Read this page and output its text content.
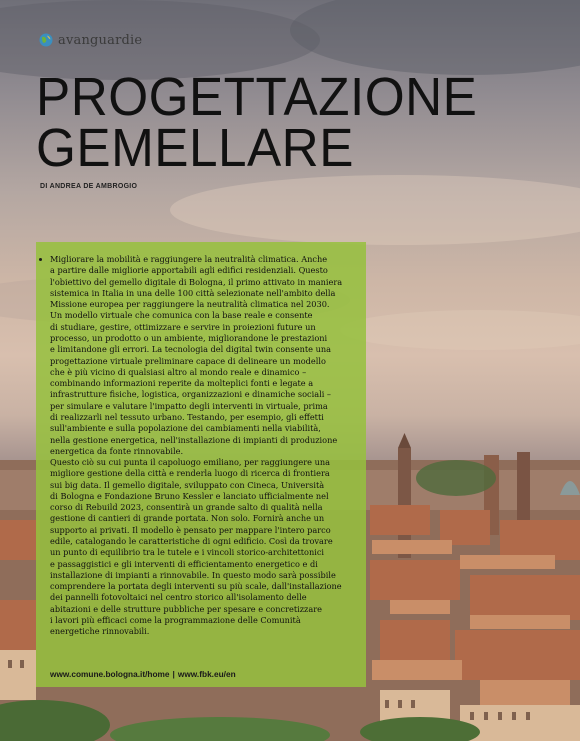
avanguardie
PROGETTAZIONE
GEMELLARE
DI ANDREA DE AMBROGIO

Migliorare la mobilità e raggiungere la neutralità climatica. Anche
a partire dalle migliorie apportabili agli edifici residenziali. Questo
l'obiettivo del gemello digitale di Bologna, il primo attivato in maniera
sistemica in Italia in una delle 100 città selezionate nell'ambito della
Missione europea per raggiungere la neutralità climatica nel 2030.
Un modello virtuale che comunica con la base reale e consente
di studiare, gestire, ottimizzare e servire in proiezioni future un
processo, un prodotto o un ambiente, migliorandone le prestazioni
e limitandone gli errori. La tecnologia del digital twin consente una
progettazione virtuale preliminare capace di delineare un modello
che è più vicino di qualsiasi altro al mondo reale e dinamico –
combinando informazioni reperite da molteplici fonti e legate a
infrastrutture fisiche, logistica, organizzazioni e dinamiche sociali –
per simulare e valutare l'impatto degli interventi in virtuale, prima
di realizzarli nel tessuto urbano. Testando, per esempio, gli effetti
sull'ambiente e sulla popolazione dei cambiamenti nella viabilità,
nella gestione energetica, nell'installazione di impianti di produzione
energetica da fonte rinnovabile.

Questo ciò su cui punta il capoluogo emiliano, per raggiungere una
migliore gestione della città e renderla luogo di ricerca di frontiera
sui big data. Il gemello digitale, sviluppato con Cineca, Università
di Bologna e Fondazione Bruno Kessler e lanciato ufficialmente nel
corso di Rebuild 2023, consentirà un grande salto di qualità nella
gestione di cantieri di grande portata. Non solo. Fornirà anche un
supporto ai privati. Il modello è pensato per mappare l'intero parco
edile, catalogando le caratteristiche di ogni edificio. Così da trovare
un punto di equilibrio tra le tutele e i vincoli storico-architettonici
e passaggistici e gli interventi di efficientamento energetico e di
installazione di impianti a rinnovabile. In questo modo sarà possibile
comprendere la portata degli interventi su più scale, dall'installazione
dei pannelli fotovoltaici nel centro storico all'isolamento delle
abitazioni e delle strutture pubbliche per spesare e concretizzare
i lavori più efficaci come la programmazione delle Comunità
energetiche rinnovabili.

www.comune.bologna.it/home | www.fbk.eu/en
